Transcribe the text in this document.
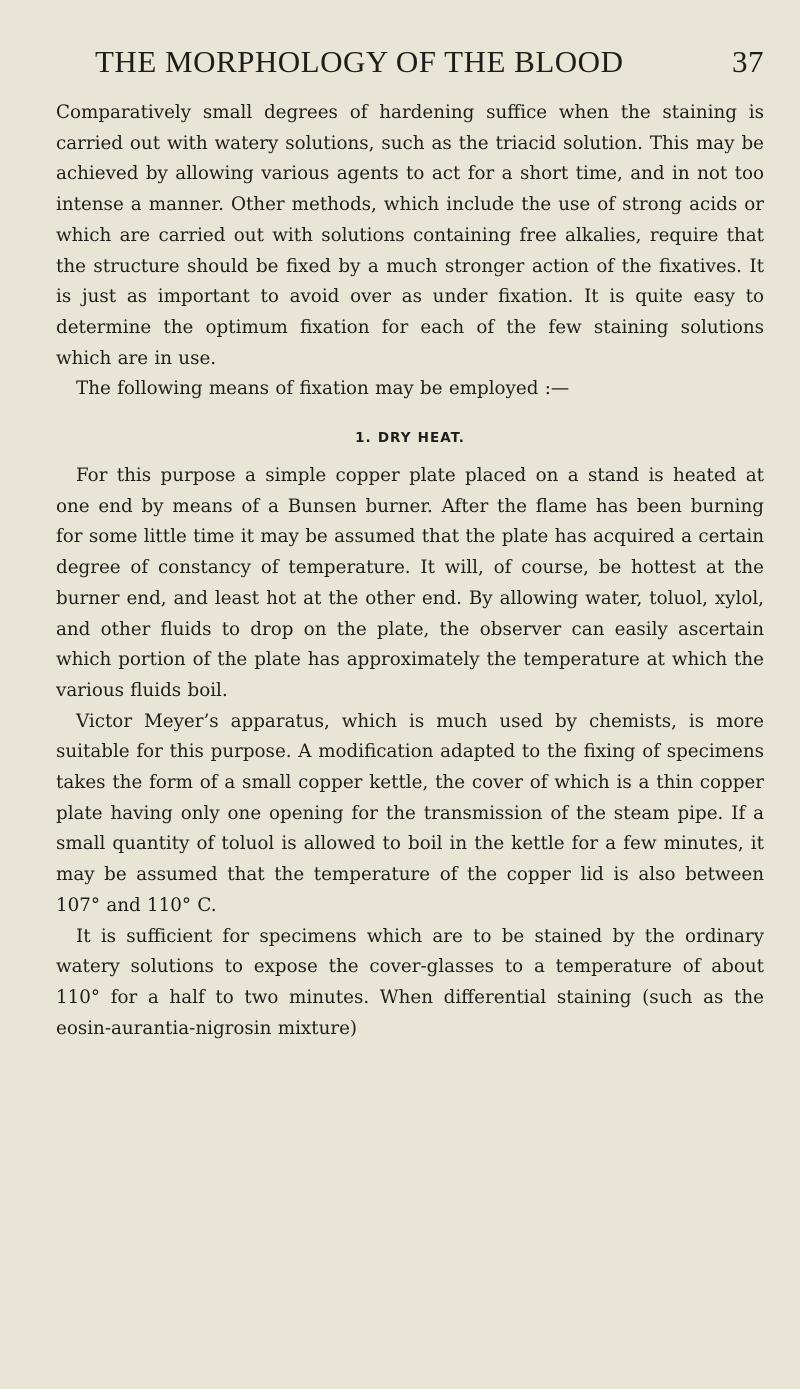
THE MORPHOLOGY OF THE BLOOD	37

Comparatively small degrees of hardening suffice when the staining is carried out with watery solutions, such as the triacid solution. This may be achieved by allowing various agents to act for a short time, and in not too intense a manner. Other methods, which include the use of strong acids or which are carried out with solutions containing free alkalies, require that the structure should be fixed by a much stronger action of the fixatives. It is just as important to avoid over as under fixation. It is quite easy to determine the optimum fixation for each of the few staining solutions which are in use.

The following means of fixation may be employed :—

1. DRY HEAT.

For this purpose a simple copper plate placed on a stand is heated at one end by means of a Bunsen burner. After the flame has been burning for some little time it may be assumed that the plate has acquired a certain degree of constancy of temperature. It will, of course, be hottest at the burner end, and least hot at the other end. By allowing water, toluol, xylol, and other fluids to drop on the plate, the observer can easily ascertain which portion of the plate has approximately the temperature at which the various fluids boil.

Victor Meyer’s apparatus, which is much used by chemists, is more suitable for this purpose. A modification adapted to the fixing of specimens takes the form of a small copper kettle, the cover of which is a thin copper plate having only one opening for the transmission of the steam pipe. If a small quantity of toluol is allowed to boil in the kettle for a few minutes, it may be assumed that the temperature of the copper lid is also between 107° and 110° C.

It is sufficient for specimens which are to be stained by the ordinary watery solutions to expose the cover-glasses to a temperature of about 110° for a half to two minutes. When differential staining (such as the eosin-aurantia-nigrosin mixture)
